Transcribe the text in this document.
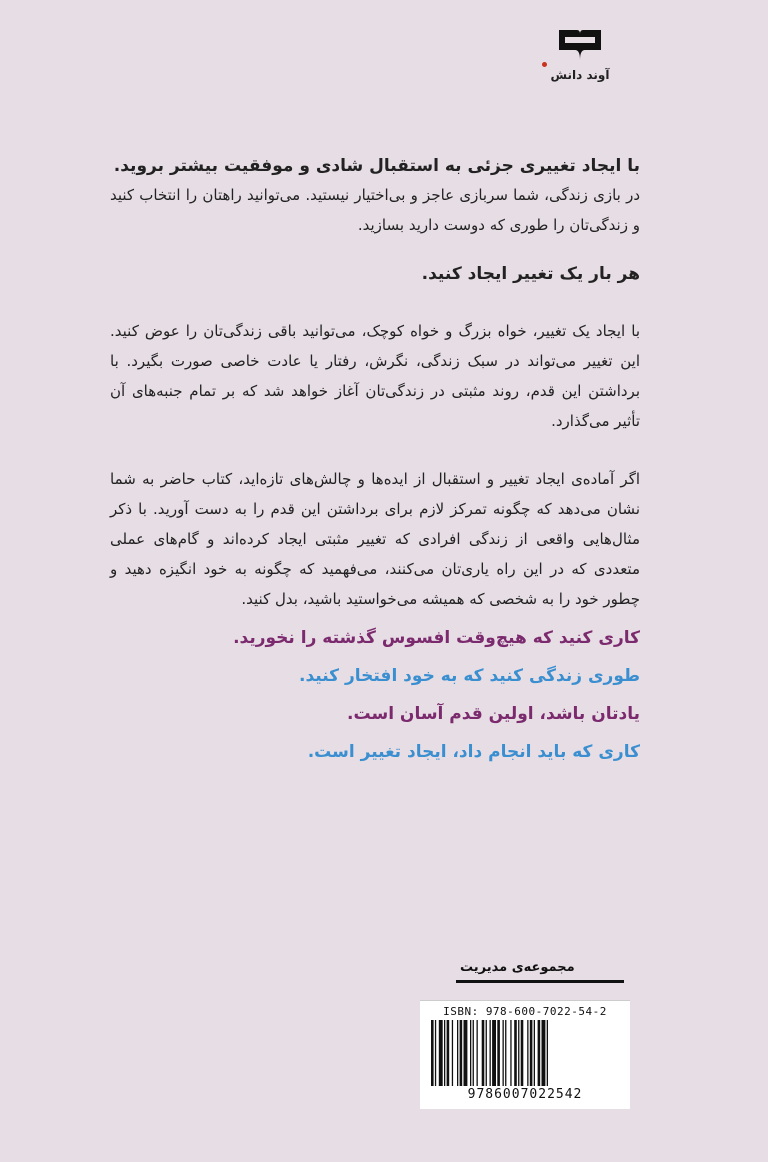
آوند دانش

با ایجاد تغییری جزئی به استقبال شادی و موفقیت بیشتر بروید.

در بازی زندگی، شما سربازی عاجز و بی‌اختیار نیستید. می‌توانید راهتان را انتخاب کنید و زندگی‌تان را طوری که دوست دارید بسازید.

هر بار یک تغییر ایجاد کنید.

با ایجاد یک تغییر، خواه بزرگ و خواه کوچک، می‌توانید باقی زندگی‌تان را عوض کنید. این تغییر می‌تواند در سبک زندگی، نگرش، رفتار یا عادت خاصی صورت بگیرد. با برداشتن این قدم، روند مثبتی در زندگی‌تان آغاز خواهد شد که بر تمام جنبه‌های آن تأثیر می‌گذارد.

اگر آماده‌ی ایجاد تغییر و استقبال از ایده‌ها و چالش‌های تازه‌اید، کتاب حاضر به شما نشان می‌دهد که چگونه تمرکز لازم برای برداشتن این قدم را به دست آورید. با ذکر مثال‌هایی واقعی از زندگی افرادی که تغییر مثبتی ایجاد کرده‌اند و گام‌های عملی متعددی که در این راه یاری‌تان می‌کنند، می‌فهمید که چگونه به خود انگیزه دهید و چطور خود را به شخصی که همیشه می‌خواستید باشید، بدل کنید.

کاری کنید که هیچ‌وقت افسوس گذشته را نخورید.

طوری زندگی کنید که به خود افتخار کنید.

یادتان باشد، اولین قدم آسان است.

کاری که باید انجام داد، ایجاد تغییر است.

مجموعه‌ی مدیریت
ISBN: 978-600-7022-54-2
9786007022542
